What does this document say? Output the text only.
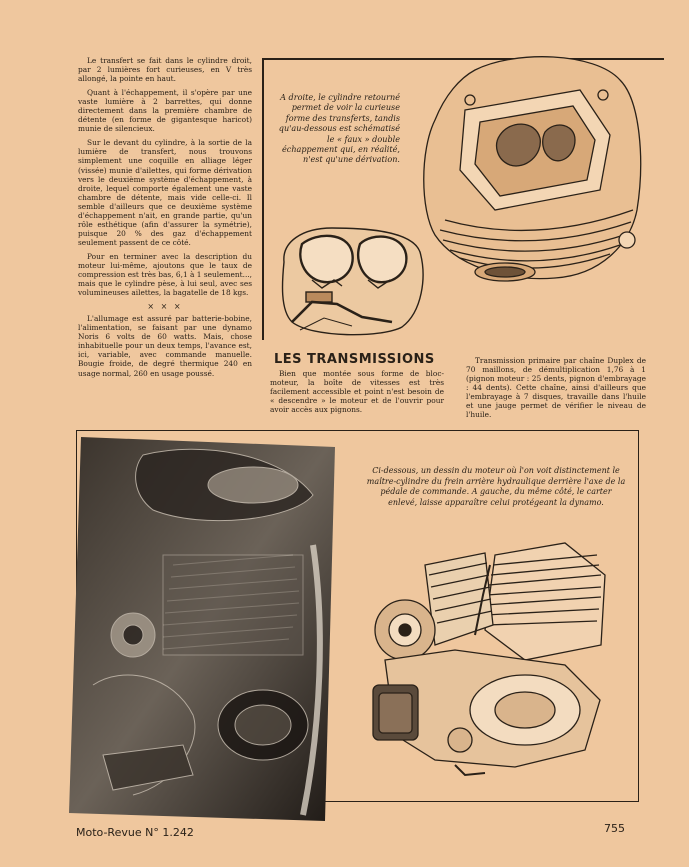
Le transfert se fait dans le cylindre droit, par 2 lumières fort curieuses, en V très allongé, la pointe en haut.

Quant à l'échappement, il s'opère par une vaste lumière à 2 barrettes, qui donne directement dans la première chambre de détente (en forme de gigantesque haricot) munie de silencieux.

Sur le devant du cylindre, à la sortie de la lumière de transfert, nous trouvons simplement une coquille en alliage léger (vissée) munie d'ailettes, qui forme dérivation vers le deuxième système d'échappement, à droite, lequel comporte également une vaste chambre de détente, mais vide celle-ci. Il semble d'ailleurs que ce deuxième système d'échappement n'ait, en grande partie, qu'un rôle esthétique (afin d'assurer la symétrie), puisque 20 % des gaz d'échappement seulement passent de ce côté.

Pour en terminer avec la description du moteur lui-même, ajoutons que le taux de compression est très bas, 6,1 à 1 seulement..., mais que le cylindre pèse, à lui seul, avec ses volumineuses ailettes, la bagatelle de 18 kgs.

× × ×

L'allumage est assuré par batterie-bobine, l'alimentation, se faisant par une dynamo Noris 6 volts de 60 watts. Mais, chose inhabituelle pour un deux temps, l'avance est, ici, variable, avec commande manuelle. Bougie froide, de degré thermique 240 en usage normal, 260 en usage poussé.

A droite, le cylindre retourné permet de voir la curieuse forme des transferts, tandis qu'au-dessous est schématisé le « faux » double échappement qui, en réalité, n'est qu'une dérivation.
LES TRANSMISSIONS
Bien que montée sous forme de bloc-moteur, la boîte de vitesses est très facilement accessible et point n'est besoin de « descendre » le moteur et de l'ouvrir pour avoir accès aux pignons.
Transmission primaire par chaîne Duplex de 70 maillons, de démultiplication 1,76 à 1 (pignon moteur : 25 dents, pignon d'embrayage : 44 dents). Cette chaîne, ainsi d'ailleurs que l'embrayage à 7 disques, travaille dans l'huile et une jauge permet de vérifier le niveau de l'huile.
Ci-dessous, un dessin du moteur où l'on voit distinctement le maître-cylindre du frein arrière hydraulique derrière l'axe de la pédale de commande. A gauche, du même côté, le carter enlevé, laisse apparaître celui protégeant la dynamo.
Moto-Revue N° 1.242	755
